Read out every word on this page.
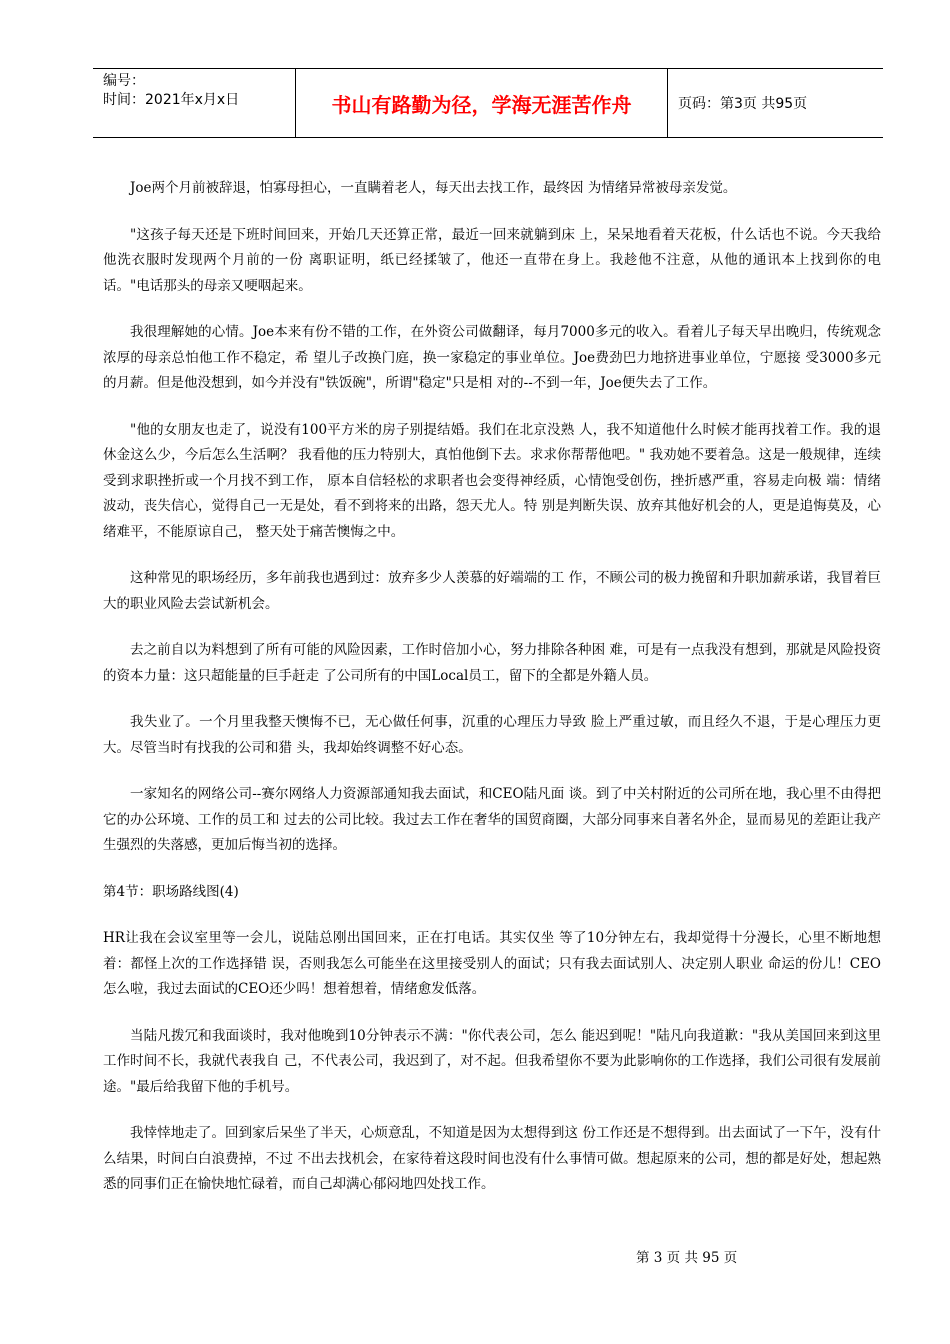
编号：
时间：2021年x月x日	书山有路勤为径，学海无涯苦作舟	页码：第3页 共95页

Joe两个月前被辞退，怕寡母担心，一直瞒着老人，每天出去找工作，最终因 为情绪异常被母亲发觉。

"这孩子每天还是下班时间回来，开始几天还算正常，最近一回来就躺到床 上，呆呆地看着天花板，什么话也不说。今天我给他洗衣服时发现两个月前的一份 离职证明，纸已经揉皱了，他还一直带在身上。我趁他不注意，从他的通讯本上找到你的电话。"电话那头的母亲又哽咽起来。

我很理解她的心情。Joe本来有份不错的工作，在外资公司做翻译，每月7000多元的收入。看着儿子每天早出晚归，传统观念浓厚的母亲总怕他工作不稳定，希 望儿子改换门庭，换一家稳定的事业单位。Joe费劲巴力地挤进事业单位，宁愿接 受3000多元的月薪。但是他没想到，如今并没有"铁饭碗"，所谓"稳定"只是相 对的--不到一年，Joe便失去了工作。

"他的女朋友也走了，说没有100平方米的房子别提结婚。我们在北京没熟 人，我不知道他什么时候才能再找着工作。我的退休金这么少，今后怎么生活啊？ 我看他的压力特别大，真怕他倒下去。求求你帮帮他吧。" 我劝她不要着急。这是一般规律，连续受到求职挫折或一个月找不到工作， 原本自信轻松的求职者也会变得神经质，心情饱受创伤，挫折感严重，容易走向极 端：情绪波动，丧失信心，觉得自己一无是处，看不到将来的出路，怨天尤人。特 别是判断失误、放弃其他好机会的人，更是追悔莫及，心绪难平，不能原谅自己， 整天处于痛苦懊悔之中。

这种常见的职场经历，多年前我也遇到过：放弃多少人羡慕的好端端的工 作，不顾公司的极力挽留和升职加薪承诺，我冒着巨大的职业风险去尝试新机会。

去之前自以为料想到了所有可能的风险因素，工作时倍加小心，努力排除各种困 难，可是有一点我没有想到，那就是风险投资的资本力量：这只超能量的巨手赶走 了公司所有的中国Local员工，留下的全都是外籍人员。

我失业了。一个月里我整天懊悔不已，无心做任何事，沉重的心理压力导致 脸上严重过敏，而且经久不退，于是心理压力更大。尽管当时有找我的公司和猎 头，我却始终调整不好心态。

一家知名的网络公司--赛尔网络人力资源部通知我去面试，和CEO陆凡面 谈。到了中关村附近的公司所在地，我心里不由得把它的办公环境、工作的员工和 过去的公司比较。我过去工作在奢华的国贸商圈，大部分同事来自著名外企，显而易见的差距让我产生强烈的失落感，更加后悔当初的选择。

第4节：职场路线图(4)

HR让我在会议室里等一会儿，说陆总刚出国回来，正在打电话。其实仅坐 等了10分钟左右，我却觉得十分漫长，心里不断地想着：都怪上次的工作选择错 误，否则我怎么可能坐在这里接受别人的面试；只有我去面试别人、决定别人职业 命运的份儿！CEO怎么啦，我过去面试的CEO还少吗！想着想着，情绪愈发低落。

当陆凡拨冗和我面谈时，我对他晚到10分钟表示不满："你代表公司，怎么 能迟到呢！"陆凡向我道歉："我从美国回来到这里工作时间不长，我就代表我自 己，不代表公司，我迟到了，对不起。但我希望你不要为此影响你的工作选择，我们公司很有发展前途。"最后给我留下他的手机号。

我悻悻地走了。回到家后呆坐了半天，心烦意乱，不知道是因为太想得到这 份工作还是不想得到。出去面试了一下午，没有什么结果，时间白白浪费掉，不过 不出去找机会，在家待着这段时间也没有什么事情可做。想起原来的公司，想的都是好处，想起熟悉的同事们正在愉快地忙碌着，而自己却满心郁闷地四处找工作。

第 3 页 共 95 页
